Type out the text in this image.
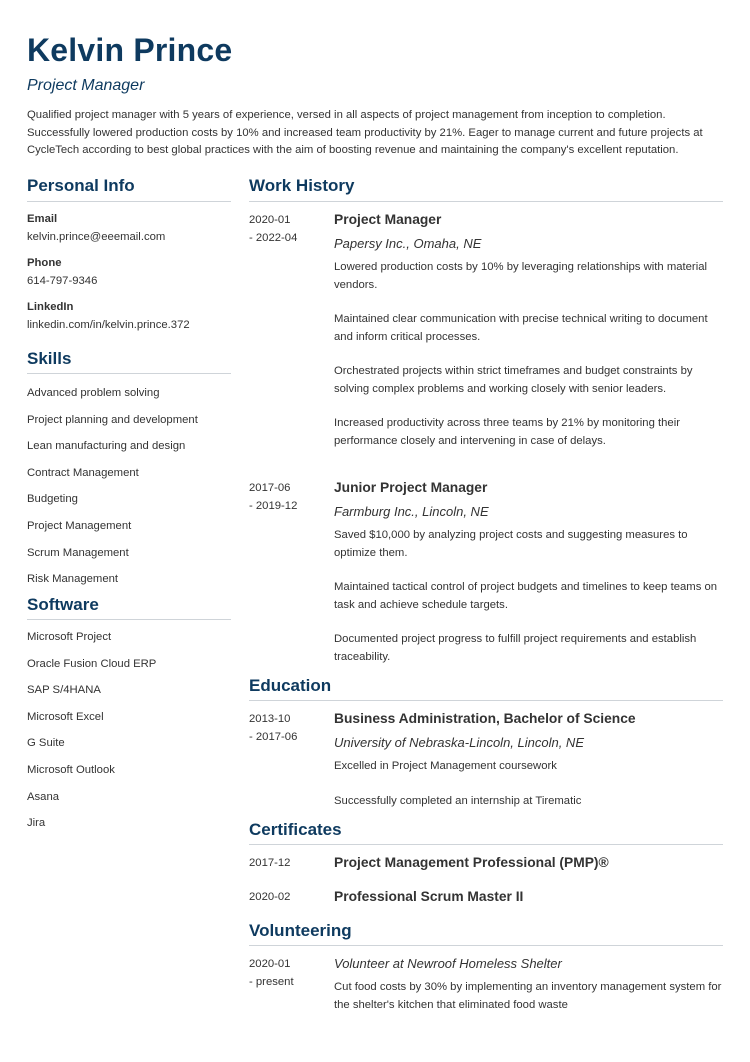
Kelvin Prince
Project Manager
Qualified project manager with 5 years of experience, versed in all aspects of project management from inception to completion. Successfully lowered production costs by 10% and increased team productivity by 21%. Eager to manage current and future projects at CycleTech according to best global practices with the aim of boosting revenue and maintaining the company's excellent reputation.
Personal Info
Email
kelvin.prince@eeemail.com
Phone
614-797-9346
LinkedIn
linkedin.com/in/kelvin.prince.372
Skills
Advanced problem solving
Project planning and development
Lean manufacturing and design
Contract Management
Budgeting
Project Management
Scrum Management
Risk Management
Software
Microsoft Project
Oracle Fusion Cloud ERP
SAP S/4HANA
Microsoft Excel
G Suite
Microsoft Outlook
Asana
Jira
Work History
2020-01
- 2022-04
Project Manager
Papersy Inc., Omaha, NE
Lowered production costs by 10% by leveraging relationships with material vendors.
Maintained clear communication with precise technical writing to document and inform critical processes.
Orchestrated projects within strict timeframes and budget constraints by solving complex problems and working closely with senior leaders.
Increased productivity across three teams by 21% by monitoring their performance closely and intervening in case of delays.
2017-06
- 2019-12
Junior Project Manager
Farmburg Inc., Lincoln, NE
Saved $10,000 by analyzing project costs and suggesting measures to optimize them.
Maintained tactical control of project budgets and timelines to keep teams on task and achieve schedule targets.
Documented project progress to fulfill project requirements and establish traceability.
Education
2013-10
- 2017-06
Business Administration, Bachelor of Science
University of Nebraska-Lincoln, Lincoln, NE
Excelled in Project Management coursework
Successfully completed an internship at Tirematic
Certificates
2017-12	Project Management Professional (PMP)®
2020-02	Professional Scrum Master II
Volunteering
2020-01
- present
Volunteer at Newroof Homeless Shelter
Cut food costs by 30% by implementing an inventory management system for the shelter's kitchen that eliminated food waste
